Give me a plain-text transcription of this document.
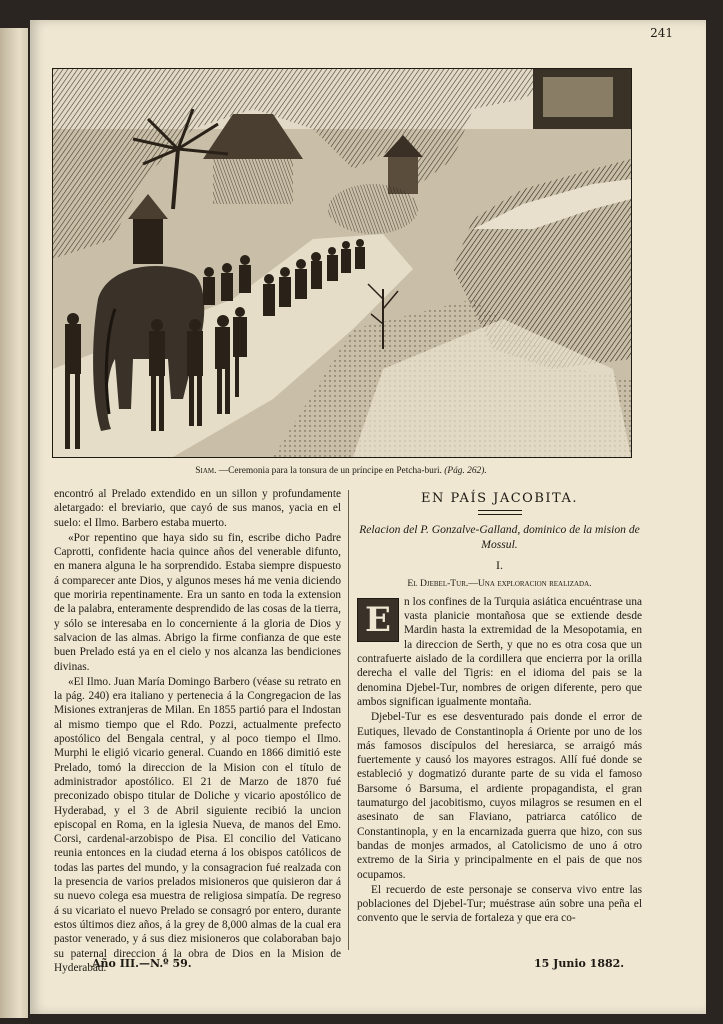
241
Siam. —Ceremonia para la tonsura de un príncipe en Petcha-buri. (Pág. 262).

encontró al Prelado extendido en un sillon y profundamente aletargado: el breviario, que cayó de sus manos, yacia en el suelo: el Ilmo. Barbero estaba muerto.

«Por repentino que haya sido su fin, escribe dicho Padre Caprotti, confidente hacia quince años del venerable difunto, en manera alguna le ha sorprendido. Estaba siempre dispuesto á comparecer ante Dios, y algunos meses há me venia diciendo que moriria repentinamente. Era un santo en toda la extension de la palabra, enteramente desprendido de las cosas de la tierra, y sólo se interesaba en lo concerniente á la gloria de Dios y salvacion de las almas. Abrigo la firme confianza de que este buen Prelado está ya en el cielo y nos alcanza las bendiciones divinas.

«El Ilmo. Juan María Domingo Barbero (véase su retrato en la pág. 240) era italiano y pertenecia á la Congregacion de las Misiones extranjeras de Milan. En 1855 partió para el Indostan al mismo tiempo que el Rdo. Pozzi, actualmente prefecto apostólico del Bengala central, y al poco tiempo el Ilmo. Murphi le eligió vicario general. Cuando en 1866 dimitió este Prelado, tomó la direccion de la Mision con el título de administrador apostólico. El 21 de Marzo de 1870 fué preconizado obispo titular de Doliche y vicario apostólico de Hyderabad, y el 3 de Abril siguiente recibió la uncion episcopal en Roma, en la iglesia Nueva, de manos del Emo. Corsi, cardenal-arzobispo de Pisa. El concilio del Vaticano reunia entonces en la ciudad eterna á los obispos católicos de todas las partes del mundo, y la consagracion fué realzada con la presencia de varios prelados misioneros que quisieron dar á su nuevo colega esa muestra de religiosa simpatía. De regreso á su vicariato el nuevo Prelado se consagró por entero, durante estos últimos diez años, á la grey de 8,000 almas de la cual era pastor venerado, y á sus diez misioneros que colaboraban bajo su paternal direccion á la obra de Dios en la Mision de Hyderabad.

EN PAÍS JACOBITA.
Relacion del P. Gonzalve-Galland, dominico de la mision de Mossul.
I.
El Djebel-Tur.—Una exploracion realizada.

E	n los confines de la Turquia asiática encuéntrase una vasta planicie montañosa que se extiende desde Mardin hasta la extremidad de la Mesopotamia, en la direccion de Serth, y que no es otra cosa que un contrafuerte aislado de la cordillera que encierra por la orilla derecha el valle del Tigris: en el idioma del pais se la denomina Djebel-Tur, nombres de origen diferente, pero que ambos significan igualmente montaña.

Djebel-Tur es ese desventurado pais donde el error de Eutiques, llevado de Constantinopla á Oriente por uno de los más famosos discípulos del heresiarca, se arraigó más fuertemente y causó los mayores estragos. Allí fué donde se estableció y dogmatizó durante parte de su vida el famoso Barsome ó Barsuma, el ardiente propagandista, el gran taumaturgo del jacobitismo, cuyos milagros se resumen en el asesinato de san Flaviano, patriarca católico de Constantinopla, y en la encarnizada guerra que hizo, con sus bandas de monjes armados, al Catolicismo de uno á otro extremo de la Siria y principalmente en el pais de que nos ocupamos.

El recuerdo de este personaje se conserva vivo entre las poblaciones del Djebel-Tur; muéstrase aún sobre una peña el convento que le servia de fortaleza y que era co-

Año III.—N.º 59.	15 Junio 1882.
